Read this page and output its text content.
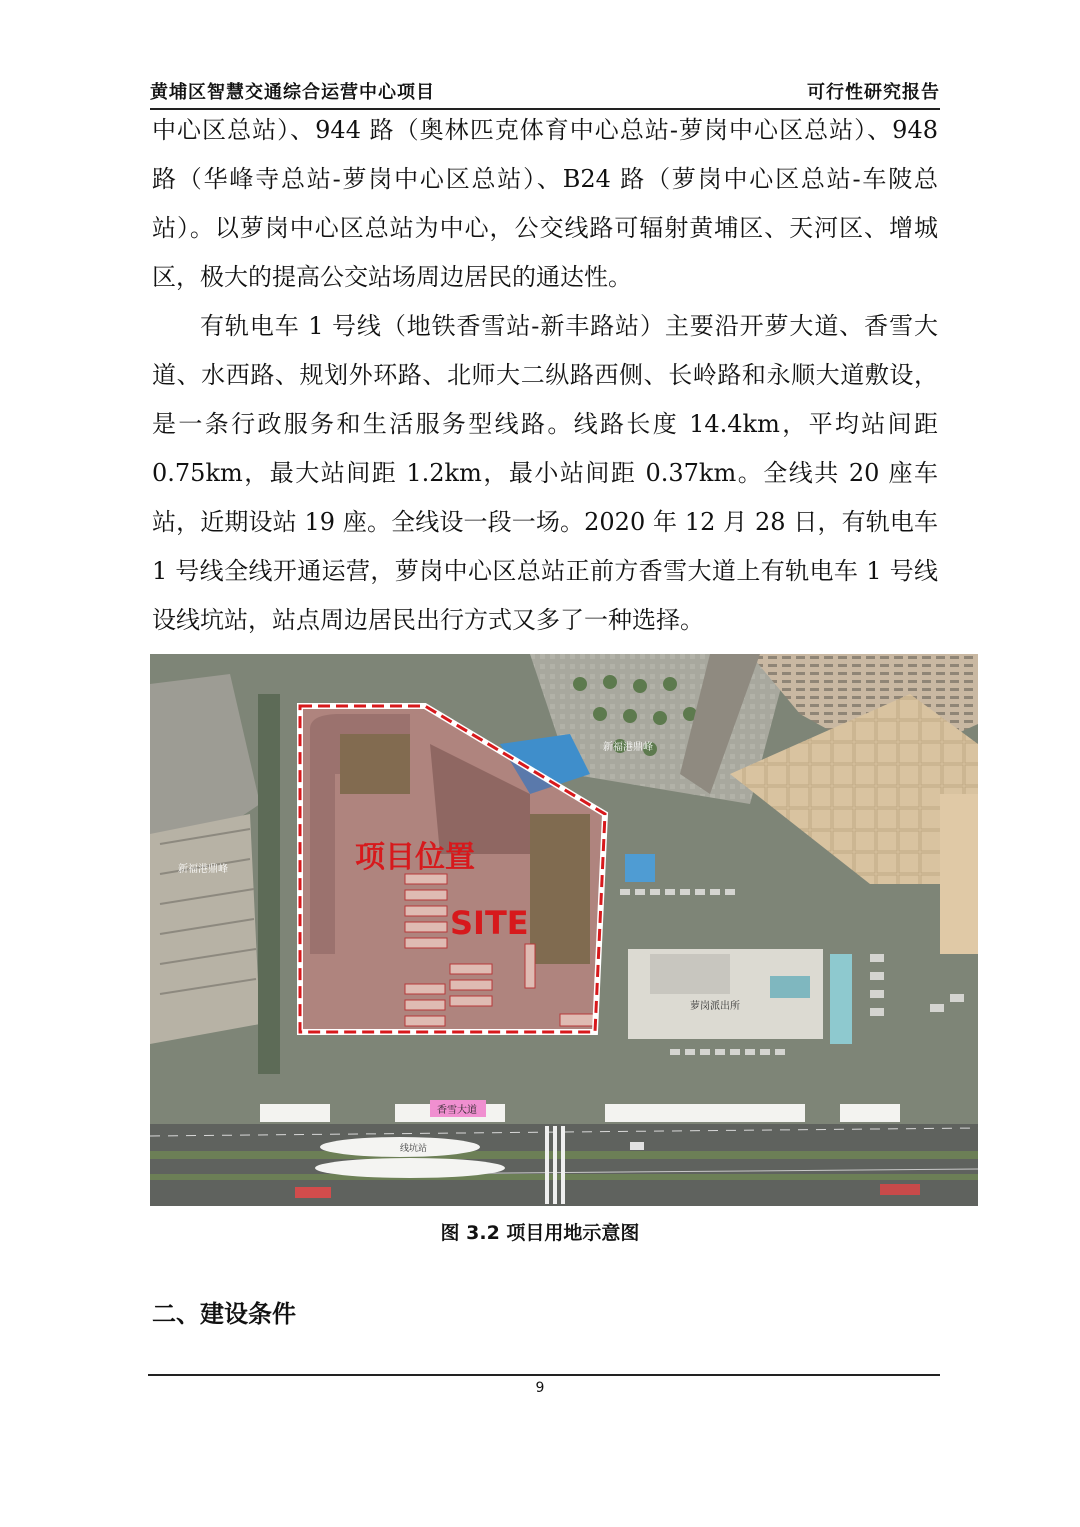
黄埔区智慧交通综合运营中心项目	可行性研究报告

中心区总站）、944 路（奥林匹克体育中心总站-萝岗中心区总站）、948 路（华峰寺总站-萝岗中心区总站）、B24 路（萝岗中心区总站-车陂总站）。以萝岗中心区总站为中心，公交线路可辐射黄埔区、天河区、增城区，极大的提高公交站场周边居民的通达性。

有轨电车 1 号线（地铁香雪站-新丰路站）主要沿开萝大道、香雪大道、水西路、规划外环路、北师大二纵路西侧、长岭路和永顺大道敷设，是一条行政服务和生活服务型线路。线路长度 14.4km，平均站间距 0.75km，最大站间距 1.2km，最小站间距 0.37km。全线共 20 座车站，近期设站 19 座。全线设一段一场。2020 年 12 月 28 日，有轨电车 1 号线全线开通运营，萝岗中心区总站正前方香雪大道上有轨电车 1 号线设线坑站，站点周边居民出行方式又多了一种选择。

项目位置
SITE
新福港鼎峰
新福港鼎峰
萝岗派出所
香雪大道
线坑站
图 3.2 项目用地示意图
二、建设条件
9
